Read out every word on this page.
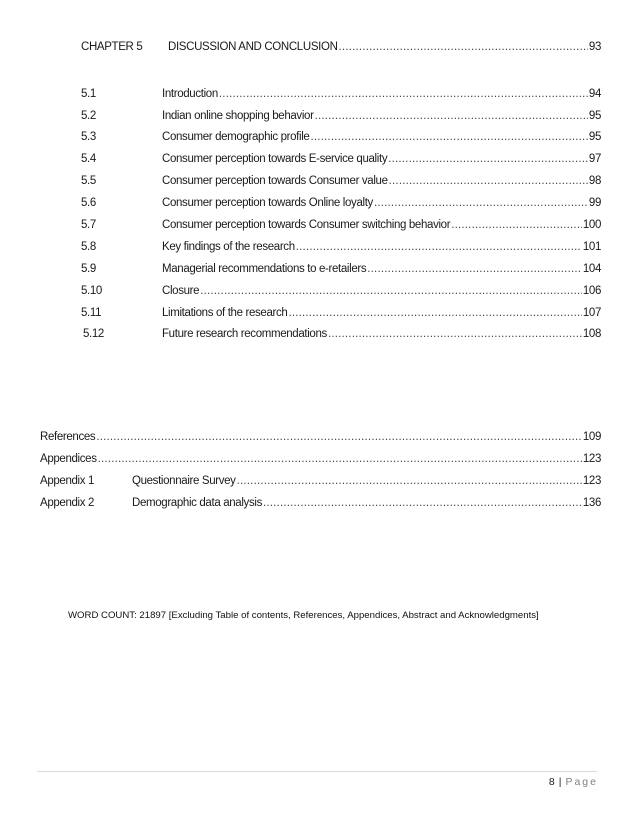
CHAPTER 5	DISCUSSION AND CONCLUSION .....	93
5.1	Introduction .....	94
5.2	Indian online shopping behavior .....	95
5.3	Consumer demographic profile .....	95
5.4	Consumer perception towards E-service quality .....	97
5.5	Consumer perception towards Consumer value .....	98
5.6	Consumer perception towards Online loyalty .....	99
5.7	Consumer perception towards Consumer switching behavior .....	100
5.8	Key findings of the research .....	101
5.9	Managerial recommendations to e-retailers .....	104
5.10	Closure .....	106
5.11	Limitations of the research .....	107
5.12	Future research recommendations .....	108
References .....	109
Appendices .....	123
Appendix 1	Questionnaire Survey .....	123
Appendix 2	Demographic data analysis .....	136
WORD COUNT: 21897 [Excluding Table of contents, References, Appendices, Abstract and Acknowledgments]
8 | Page
